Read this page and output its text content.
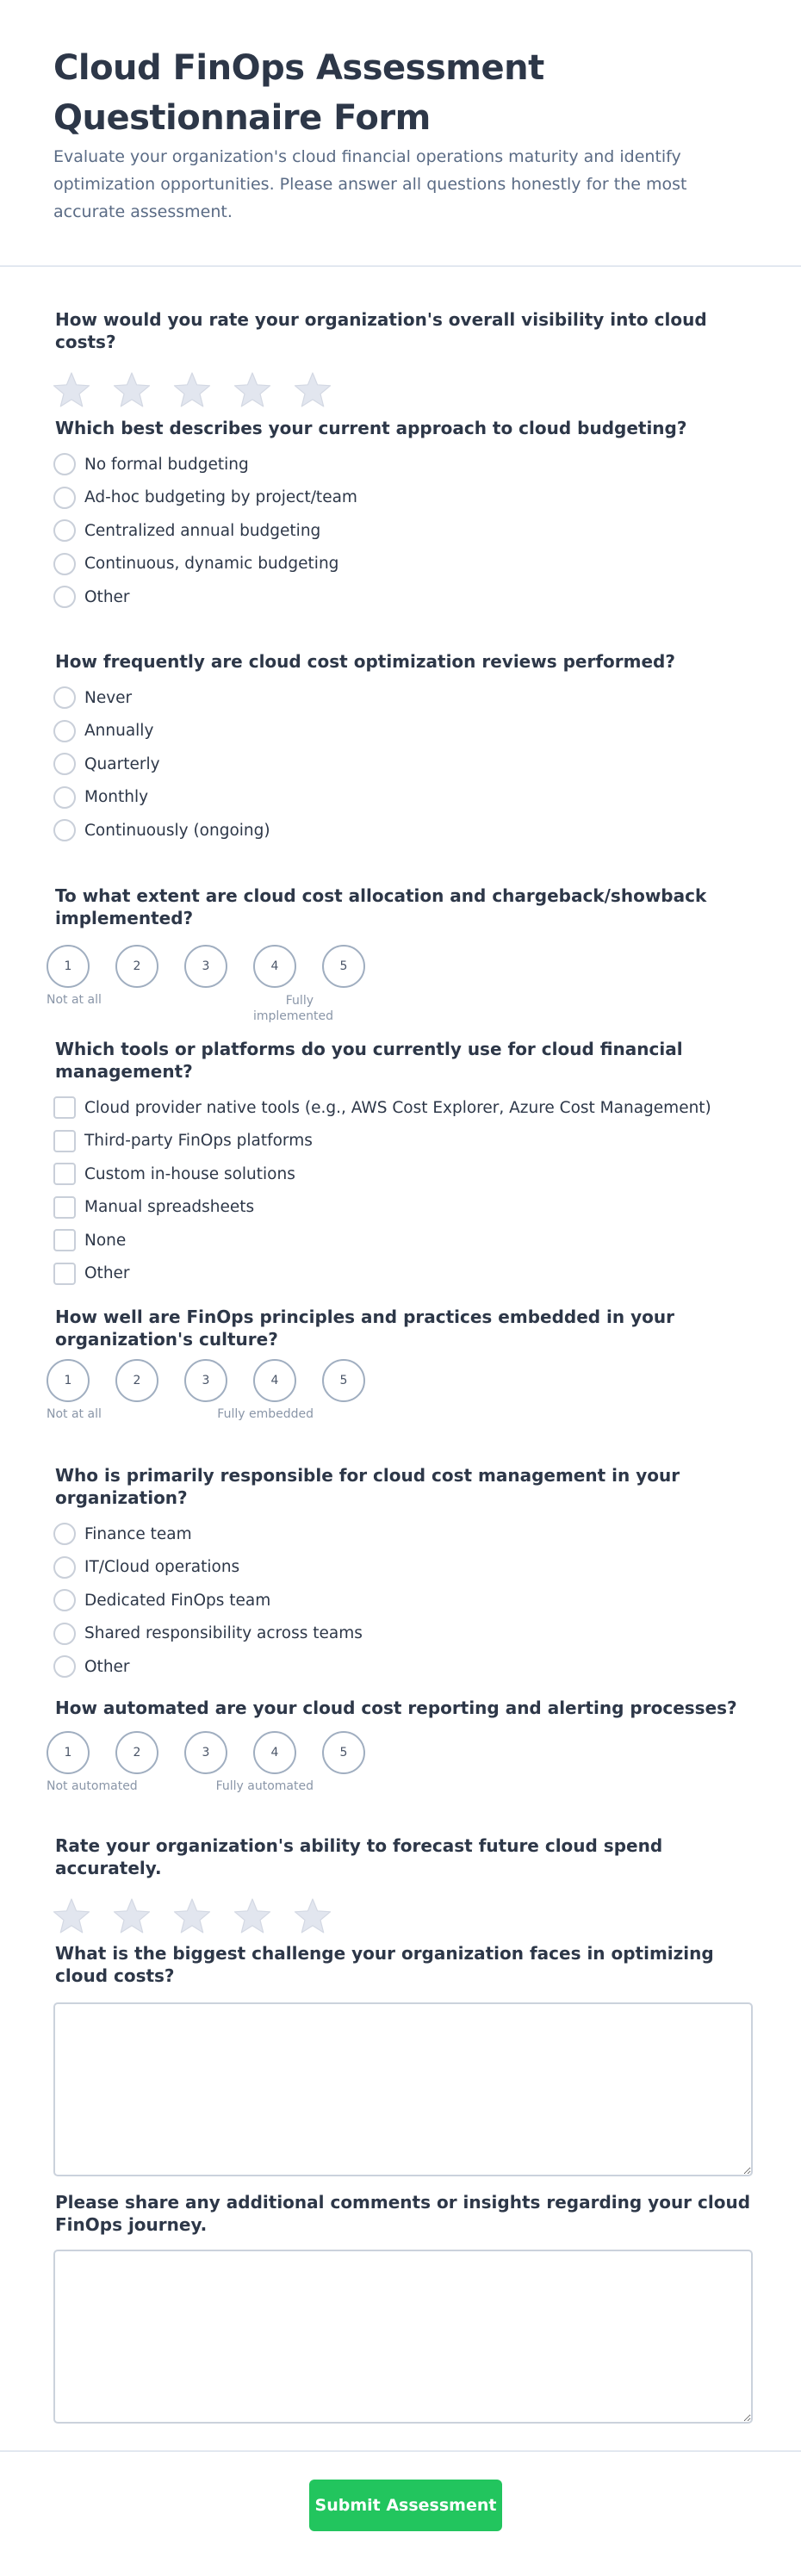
Cloud FinOps Assessment Questionnaire Form

Evaluate your organization's cloud financial operations maturity and identify optimization opportunities. Please answer all questions honestly for the most accurate assessment.

How would you rate your organization's overall visibility into cloud costs?
Which best describes your current approach to cloud budgeting?
No formal budgeting
Ad-hoc budgeting by project/team
Centralized annual budgeting
Continuous, dynamic budgeting
Other
How frequently are cloud cost optimization reviews performed?
Never
Annually
Quarterly
Monthly
Continuously (ongoing)
To what extent are cloud cost allocation and chargeback/showback implemented?
1	2	3	4	5
Not at all	Fully implemented
Which tools or platforms do you currently use for cloud financial management?
Cloud provider native tools (e.g., AWS Cost Explorer, Azure Cost Management)
Third-party FinOps platforms
Custom in-house solutions
Manual spreadsheets
None
Other
How well are FinOps principles and practices embedded in your organization's culture?
1	2	3	4	5
Not at all	Fully embedded
Who is primarily responsible for cloud cost management in your organization?
Finance team
IT/Cloud operations
Dedicated FinOps team
Shared responsibility across teams
Other
How automated are your cloud cost reporting and alerting processes?
1	2	3	4	5
Not automated	Fully automated
Rate your organization's ability to forecast future cloud spend accurately.
What is the biggest challenge your organization faces in optimizing cloud costs?
Please share any additional comments or insights regarding your cloud FinOps journey.
Submit Assessment
